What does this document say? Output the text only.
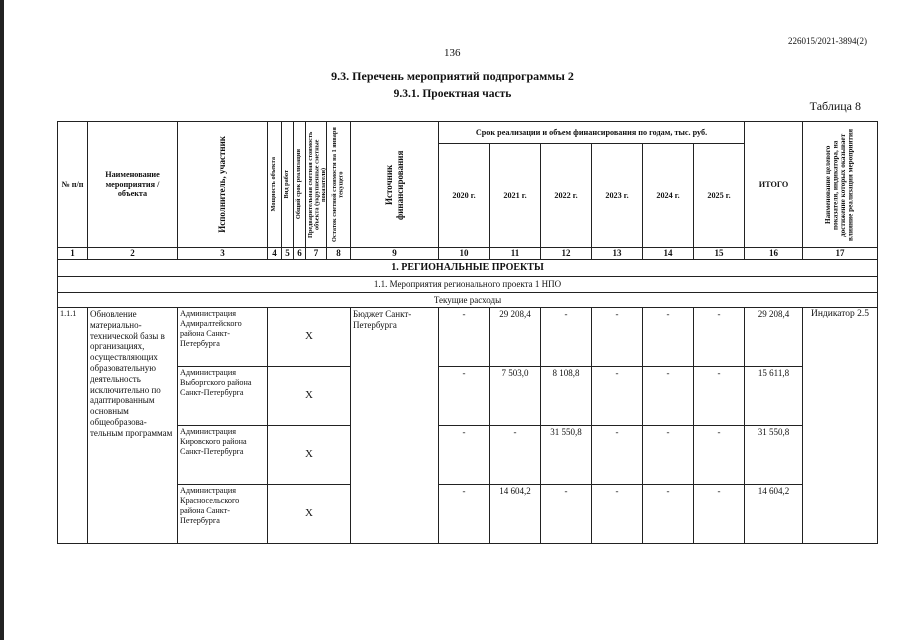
226015/2021-3894(2)
136
9.3. Перечень мероприятий подпрограммы 2
9.3.1. Проектная часть
Таблица 8
№ п/п	Наименование мероприятия / объекта	Исполнитель, участник	Мощность объекта	Вид работ	Общий срок реализации	Предварительная сметная стоимость объекта (укрупненные сметные показатели)	Остаток сметной стоимости на 1 января текущего	Источник финансирования	Срок реализации и объем финансирования по годам, тыс. руб.						ИТОГО	Наименование целевого показателя, индикатора, на достижение которых оказывает влияние реализация мероприятия

									2020 г.	2021 г.	2022 г.	2023 г.	2024 г.	2025 г.		
1	2	3	4	5	6	7	8	9	10	11	12	13	14	15	16	17
1. РЕГИОНАЛЬНЫЕ ПРОЕКТЫ																
1.1. Мероприятия регионального проекта 1 НПО																
Текущие расходы																
1.1.1	Обновление материально-технической базы в организациях, осуществляющих образовательную деятельность исключительно по адаптированным основным общеобразова-тельным программам	Администрация Адмиралтейского района Санкт-Петербурга	X					Бюджет Санкт-Петербурга	-	29 208,4	-	-	-	-	29 208,4	Индикатор 2.5
		Администрация Выборгского района Санкт-Петербурга	X						-	7 503,0	8 108,8	-	-	-	15 611,8	
		Администрация Кировского района Санкт-Петербурга	X						-	-	31 550,8	-	-	-	31 550,8	
		Администрация Красносельского района Санкт-Петербурга	X						-	14 604,2	-	-	-	-	14 604,2	
